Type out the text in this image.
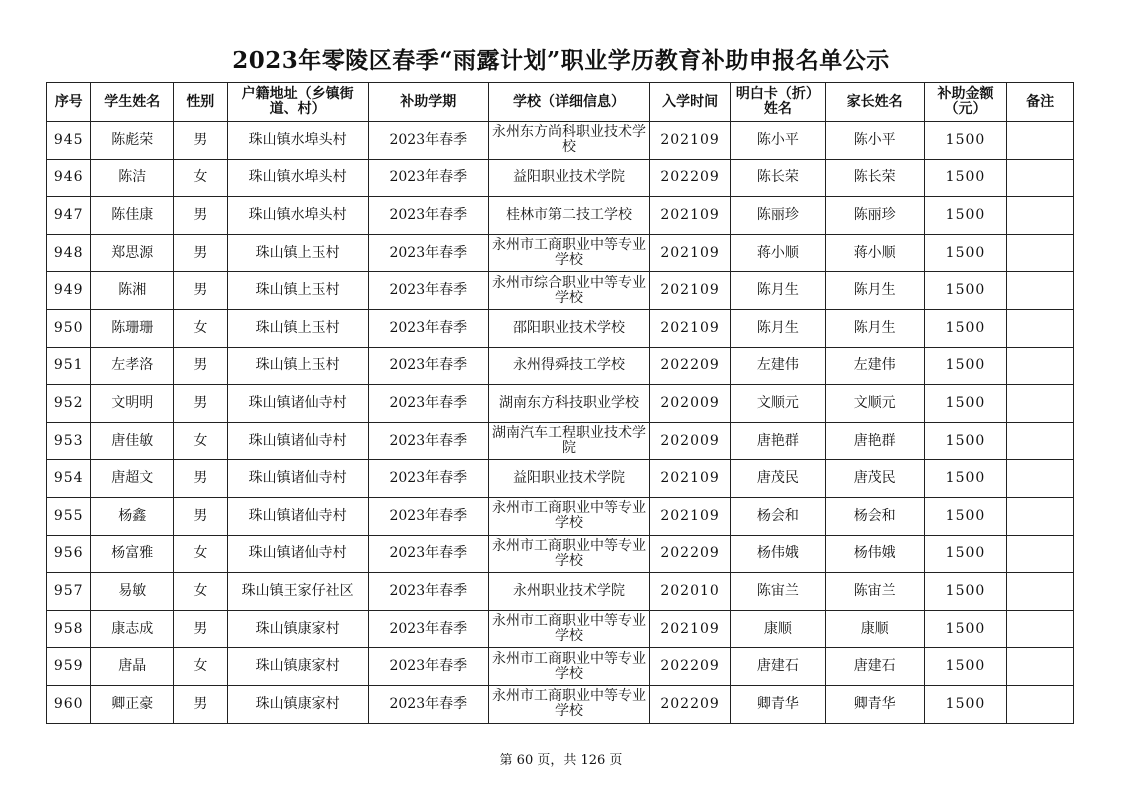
2023年零陵区春季“雨露计划”职业学历教育补助申报名单公示
序号	学生姓名	性别	户籍地址（乡镇街道、村）	补助学期	学校（详细信息）	入学时间	明白卡（折）姓名	家长姓名	补助金额（元）	备注
945	陈彪荣	男	珠山镇水埠头村	2023年春季	永州东方尚科职业技术学校	202109	陈小平	陈小平	1500	
946	陈洁	女	珠山镇水埠头村	2023年春季	益阳职业技术学院	202209	陈长荣	陈长荣	1500	
947	陈佳康	男	珠山镇水埠头村	2023年春季	桂林市第二技工学校	202109	陈丽珍	陈丽珍	1500	
948	郑思源	男	珠山镇上玉村	2023年春季	永州市工商职业中等专业学校	202109	蒋小顺	蒋小顺	1500	
949	陈湘	男	珠山镇上玉村	2023年春季	永州市综合职业中等专业学校	202109	陈月生	陈月生	1500	
950	陈珊珊	女	珠山镇上玉村	2023年春季	邵阳职业技术学校	202109	陈月生	陈月生	1500	
951	左孝洛	男	珠山镇上玉村	2023年春季	永州得舜技工学校	202209	左建伟	左建伟	1500	
952	文明明	男	珠山镇诸仙寺村	2023年春季	湖南东方科技职业学校	202009	文顺元	文顺元	1500	
953	唐佳敏	女	珠山镇诸仙寺村	2023年春季	湖南汽车工程职业技术学院	202009	唐艳群	唐艳群	1500	
954	唐超文	男	珠山镇诸仙寺村	2023年春季	益阳职业技术学院	202109	唐茂民	唐茂民	1500	
955	杨鑫	男	珠山镇诸仙寺村	2023年春季	永州市工商职业中等专业学校	202109	杨会和	杨会和	1500	
956	杨富雅	女	珠山镇诸仙寺村	2023年春季	永州市工商职业中等专业学校	202209	杨伟娥	杨伟娥	1500	
957	易敏	女	珠山镇王家仔社区	2023年春季	永州职业技术学院	202010	陈宙兰	陈宙兰	1500	
958	康志成	男	珠山镇康家村	2023年春季	永州市工商职业中等专业学校	202109	康顺	康顺	1500	
959	唐晶	女	珠山镇康家村	2023年春季	永州市工商职业中等专业学校	202209	唐建石	唐建石	1500	
960	卿正豪	男	珠山镇康家村	2023年春季	永州市工商职业中等专业学校	202209	卿青华	卿青华	1500	
第 60 页，共 126 页
